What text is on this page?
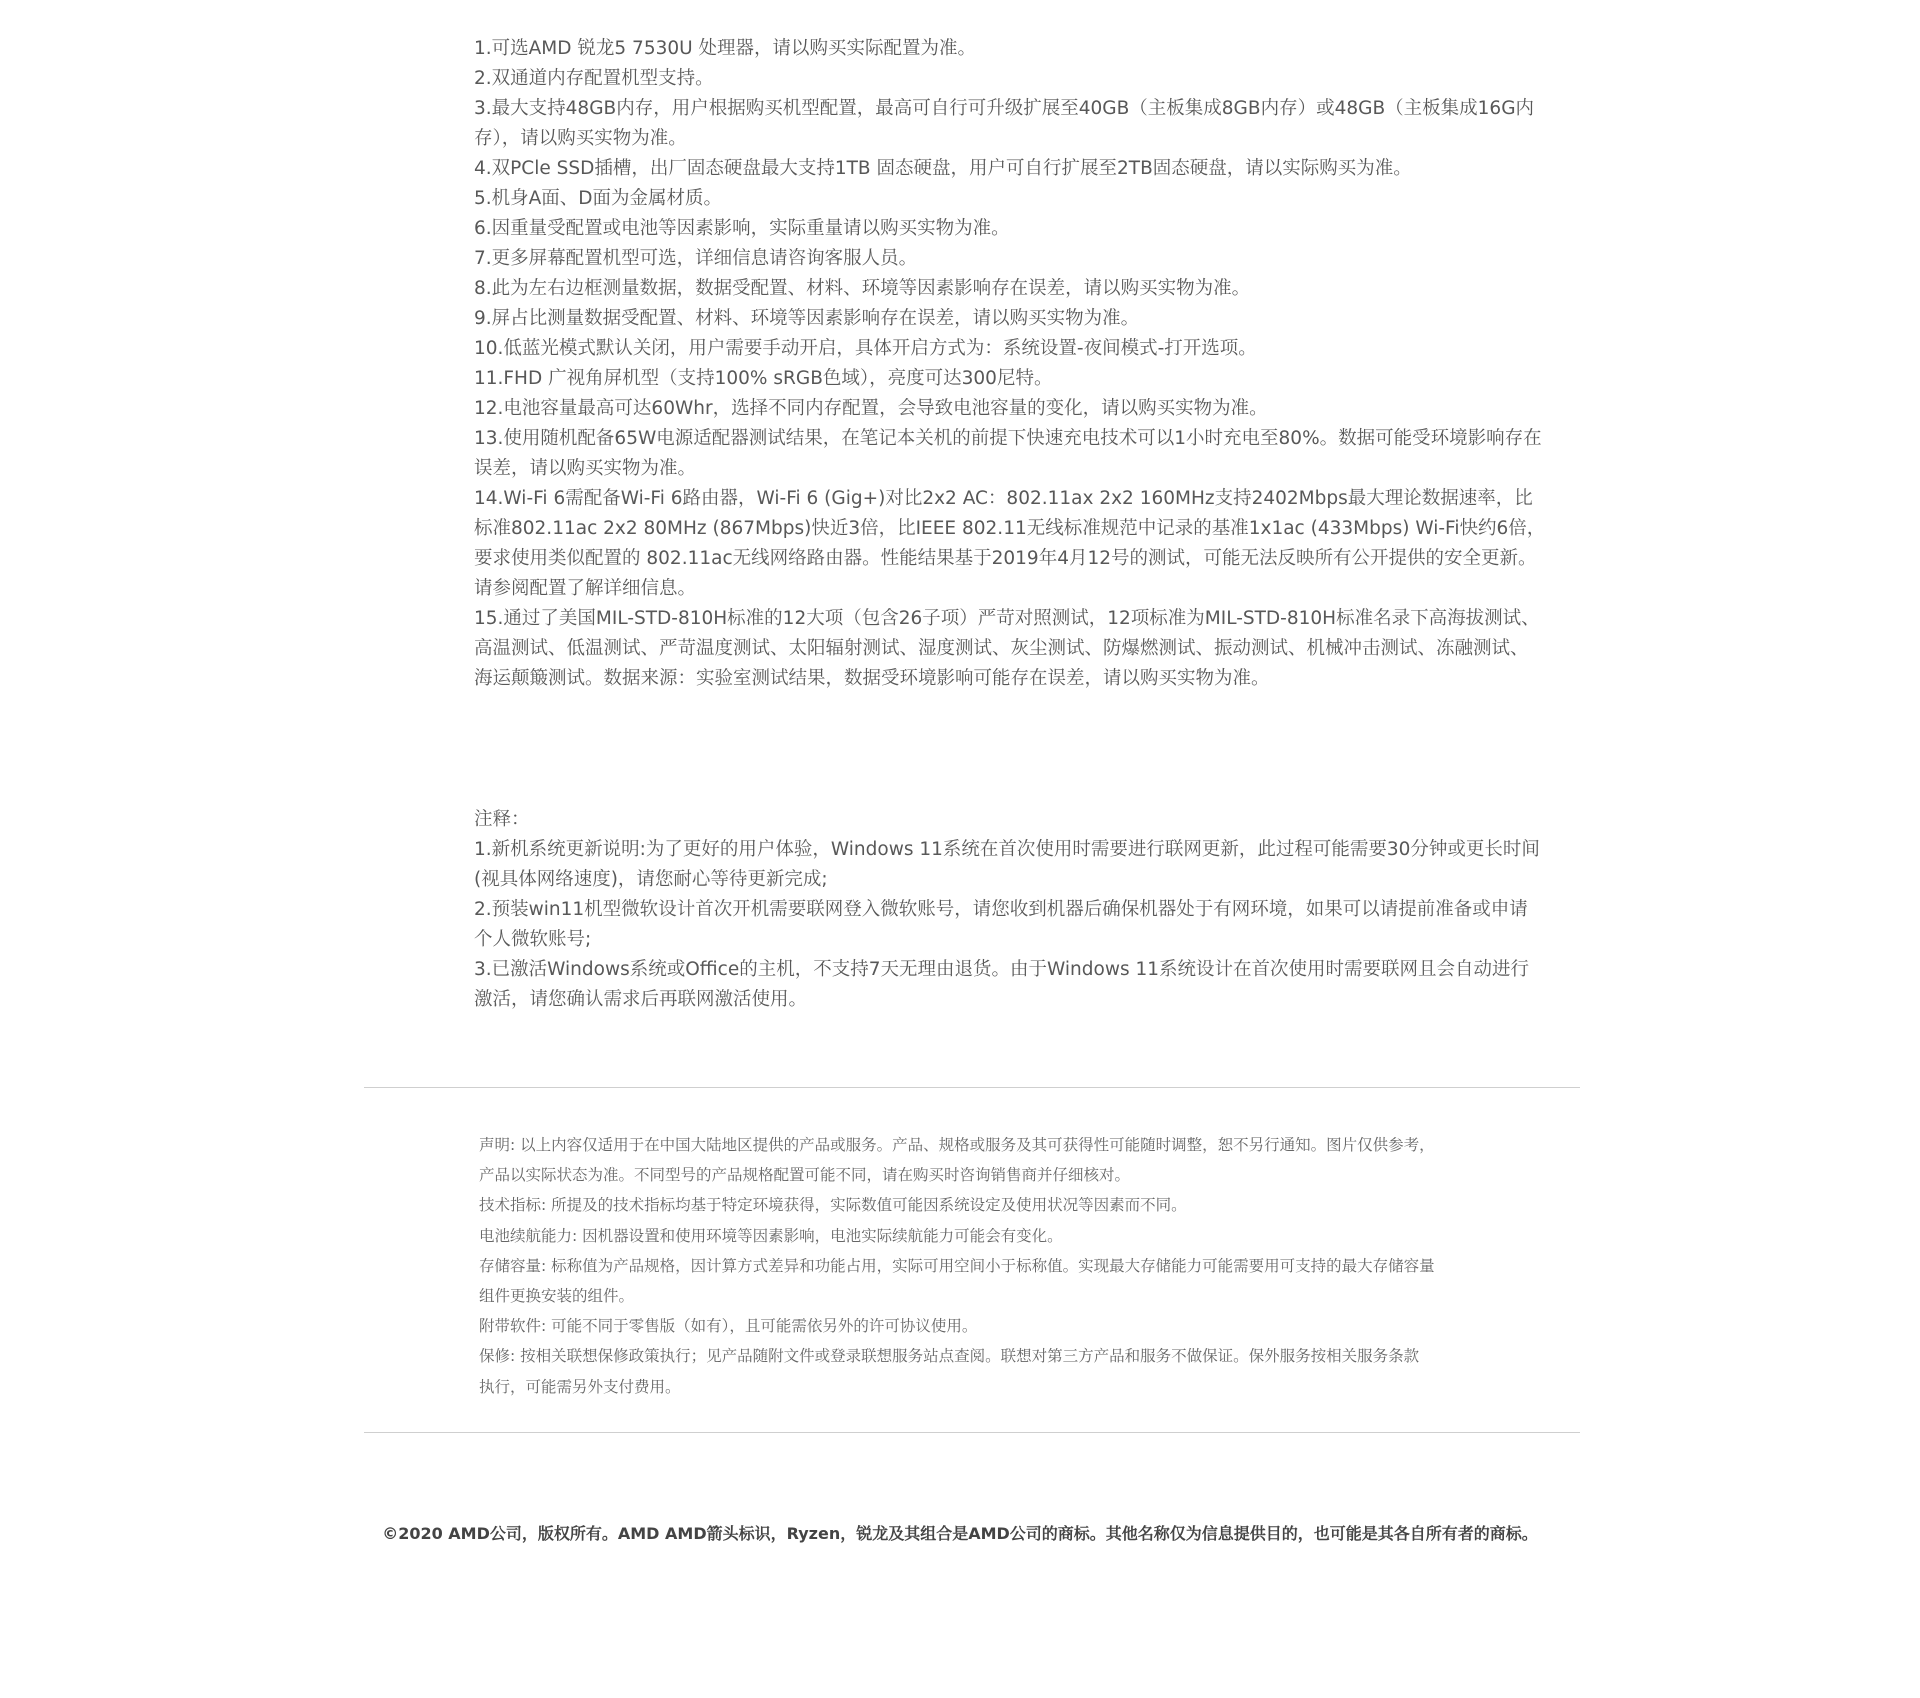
1.可选AMD 锐龙5 7530U 处理器，请以购买实际配置为准。
2.双通道内存配置机型支持。
3.最大支持48GB内存，用户根据购买机型配置，最高可自行可升级扩展至40GB（主板集成8GB内存）或48GB（主板集成16G内存），请以购买实物为准。
4.双PCle SSD插槽，出厂固态硬盘最大支持1TB 固态硬盘，用户可自行扩展至2TB固态硬盘，请以实际购买为准。
5.机身A面、D面为金属材质。
6.因重量受配置或电池等因素影响，实际重量请以购买实物为准。
7.更多屏幕配置机型可选，详细信息请咨询客服人员。
8.此为左右边框测量数据，数据受配置、材料、环境等因素影响存在误差，请以购买实物为准。
9.屏占比测量数据受配置、材料、环境等因素影响存在误差，请以购买实物为准。
10.低蓝光模式默认关闭，用户需要手动开启，具体开启方式为：系统设置-夜间模式-打开选项。
11.FHD 广视角屏机型（支持100% sRGB色域），亮度可达300尼特。
12.电池容量最高可达60Whr，选择不同内存配置，会导致电池容量的变化，请以购买实物为准。
13.使用随机配备65W电源适配器测试结果，在笔记本关机的前提下快速充电技术可以1小时充电至80%。数据可能受环境影响存在误差，请以购买实物为准。
14.Wi-Fi 6需配备Wi-Fi 6路由器，Wi-Fi 6 (Gig+)对比2x2 AC：802.11ax 2x2 160MHz支持2402Mbps最大理论数据速率，比标准802.11ac 2x2 80MHz (867Mbps)快近3倍，比IEEE 802.11无线标准规范中记录的基准1x1ac (433Mbps) Wi-Fi快约6倍，要求使用类似配置的 802.11ac无线网络路由器。性能结果基于2019年4月12号的测试，可能无法反映所有公开提供的安全更新。请参阅配置了解详细信息。
15.通过了美国MIL-STD-810H标准的12大项（包含26子项）严苛对照测试，12项标准为MIL-STD-810H标准名录下高海拔测试、高温测试、低温测试、严苛温度测试、太阳辐射测试、湿度测试、灰尘测试、防爆燃测试、振动测试、机械冲击测试、冻融测试、海运颠簸测试。数据来源：实验室测试结果，数据受环境影响可能存在误差，请以购买实物为准。

注释：

1.新机系统更新说明:为了更好的用户体验，Windows 11系统在首次使用时需要进行联网更新，此过程可能需要30分钟或更长时间(视具体网络速度)，请您耐心等待更新完成;
2.预装win11机型微软设计首次开机需要联网登入微软账号，请您收到机器后确保机器处于有网环境，如果可以请提前准备或申请个人微软账号;
3.已激活Windows系统或Office的主机，不支持7天无理由退货。由于Windows 11系统设计在首次使用时需要联网且会自动进行激活，请您确认需求后再联网激活使用。
声明: 以上内容仅适用于在中国大陆地区提供的产品或服务。产品、规格或服务及其可获得性可能随时调整，恕不另行通知。图片仅供参考，
产品以实际状态为准。不同型号的产品规格配置可能不同，请在购买时咨询销售商并仔细核对。
技术指标: 所提及的技术指标均基于特定环境获得，实际数值可能因系统设定及使用状况等因素而不同。
电池续航能力: 因机器设置和使用环境等因素影响，电池实际续航能力可能会有变化。
存储容量: 标称值为产品规格，因计算方式差异和功能占用，实际可用空间小于标称值。实现最大存储能力可能需要用可支持的最大存储容量
组件更换安装的组件。
附带软件: 可能不同于零售版（如有），且可能需依另外的许可协议使用。
保修: 按相关联想保修政策执行；见产品随附文件或登录联想服务站点查阅。联想对第三方产品和服务不做保证。保外服务按相关服务条款
执行，可能需另外支付费用。
©2020 AMD公司，版权所有。AMD AMD箭头标识，Ryzen，锐龙及其组合是AMD公司的商标。其他名称仅为信息提供目的，也可能是其各自所有者的商标。
